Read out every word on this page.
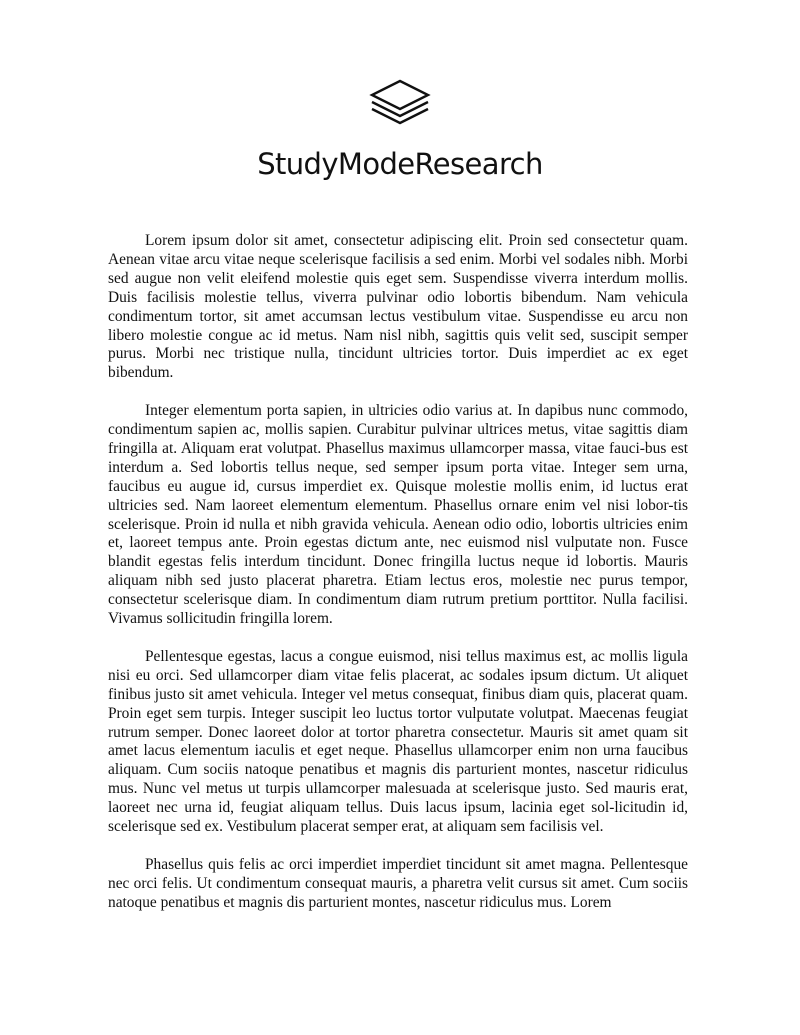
StudyModeResearch

Lorem ipsum dolor sit amet, consectetur adipiscing elit. Proin sed consectetur quam. Aenean vitae arcu vitae neque scelerisque facilisis a sed enim. Morbi vel sodales nibh. Morbi sed augue non velit eleifend molestie quis eget sem. Suspendisse viverra interdum mollis. Duis facilisis molestie tellus, viverra pulvinar odio lobortis bibendum. Nam vehicula condimentum tortor, sit amet accumsan lectus vestibulum vitae. Suspendisse eu arcu non libero molestie congue ac id metus. Nam nisl nibh, sagittis quis velit sed, suscipit semper purus. Morbi nec tristique nulla, tincidunt ultricies tortor. Duis imperdiet ac ex eget bibendum.

Integer elementum porta sapien, in ultricies odio varius at. In dapibus nunc commodo, condimentum sapien ac, mollis sapien. Curabitur pulvinar ultrices metus, vitae sagittis diam fringilla at. Aliquam erat volutpat. Phasellus maximus ullamcorper massa, vitae fauci-bus est interdum a. Sed lobortis tellus neque, sed semper ipsum porta vitae. Integer sem urna, faucibus eu augue id, cursus imperdiet ex. Quisque molestie mollis enim, id luctus erat ultricies sed. Nam laoreet elementum elementum. Phasellus ornare enim vel nisi lobor-tis scelerisque. Proin id nulla et nibh gravida vehicula. Aenean odio odio, lobortis ultricies enim et, laoreet tempus ante. Proin egestas dictum ante, nec euismod nisl vulputate non. Fusce blandit egestas felis interdum tincidunt. Donec fringilla luctus neque id lobortis. Mauris aliquam nibh sed justo placerat pharetra. Etiam lectus eros, molestie nec purus tempor, consectetur scelerisque diam. In condimentum diam rutrum pretium porttitor. Nulla facilisi. Vivamus sollicitudin fringilla lorem.

Pellentesque egestas, lacus a congue euismod, nisi tellus maximus est, ac mollis ligula nisi eu orci. Sed ullamcorper diam vitae felis placerat, ac sodales ipsum dictum. Ut aliquet finibus justo sit amet vehicula. Integer vel metus consequat, finibus diam quis, placerat quam. Proin eget sem turpis. Integer suscipit leo luctus tortor vulputate volutpat. Maecenas feugiat rutrum semper. Donec laoreet dolor at tortor pharetra consectetur. Mauris sit amet quam sit amet lacus elementum iaculis et eget neque. Phasellus ullamcorper enim non urna faucibus aliquam. Cum sociis natoque penatibus et magnis dis parturient montes, nascetur ridiculus mus. Nunc vel metus ut turpis ullamcorper malesuada at scelerisque justo. Sed mauris erat, laoreet nec urna id, feugiat aliquam tellus. Duis lacus ipsum, lacinia eget sol-licitudin id, scelerisque sed ex. Vestibulum placerat semper erat, at aliquam sem facilisis vel.

Phasellus quis felis ac orci imperdiet imperdiet tincidunt sit amet magna. Pellentesque nec orci felis. Ut condimentum consequat mauris, a pharetra velit cursus sit amet. Cum sociis natoque penatibus et magnis dis parturient montes, nascetur ridiculus mus. Lorem
